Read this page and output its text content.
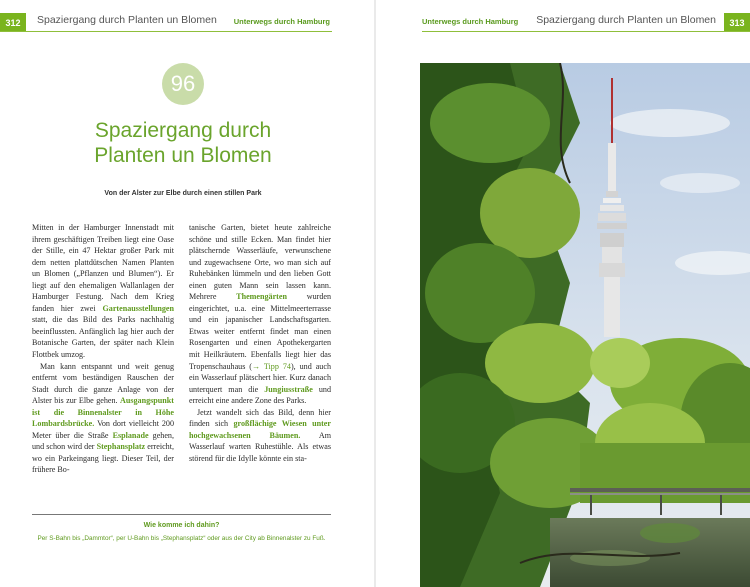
312	Spaziergang durch Planten un Blomen Unterwegs durch Hamburg
96
Spaziergang durch
Planten un Blomen
Von der Alster zur Elbe durch einen stillen Park

Mitten in der Hamburger Innenstadt mit ihrem geschäftigen Treiben liegt eine Oase der Stille, ein 47 Hektar großer Park mit dem netten plattdütschen Namen Planten un Blomen („Pflanzen und Blumen“). Er liegt auf den ehemaligen Wallanlagen der Hamburger Festung. Nach dem Krieg fanden hier zwei Gartenausstellungen statt, die das Bild des Parks nachhaltig beeinflussten. Anfänglich lag hier auch der Botanische Garten, der später nach Klein Flottbek umzog.

Man kann entspannt und weit genug entfernt vom beständigen Rauschen der Stadt durch die ganze Anlage von der Alster bis zur Elbe gehen. Ausgangspunkt ist die Binnenalster in Höhe Lombardsbrücke. Von dort vielleicht 200 Meter über die Straße Esplanade gehen, und schon wird der Stephansplatz erreicht, wo ein Parkeingang liegt. Dieser Teil, der frühere Bo-

tanische Garten, bietet heute zahlreiche schöne und stille Ecken. Man findet hier plätschernde Wasserläufe, verwunschene und zugewachsene Orte, wo man sich auf Ruhebänken lümmeln und den lieben Gott einen guten Mann sein lassen kann. Mehrere Themengärten wurden eingerichtet, u.a. eine Mittelmeerterrasse und ein japanischer Landschaftsgarten. Etwas weiter entfernt findet man einen Rosengarten und einen Apothekergarten mit Heilkräutern. Ebenfalls liegt hier das Tropenschauhaus (→ Tipp 74), und auch ein Wasserlauf plätschert hier. Kurz danach unterquert man die Jungiusstraße und erreicht eine andere Zone des Parks.

Jetzt wandelt sich das Bild, denn hier finden sich großflächige Wiesen unter hochgewachsenen Bäumen. Am Wasserlauf warten Ruhestühle. Als etwas störend für die Idylle könnte ein sta-

Wie komme ich dahin?
Per S-Bahn bis „Dammtor“, per U-Bahn bis „Stephansplatz“ oder aus der City ab Binnenalster zu Fuß.
Unterwegs durch Hamburg Spaziergang durch Planten un Blomen	313
